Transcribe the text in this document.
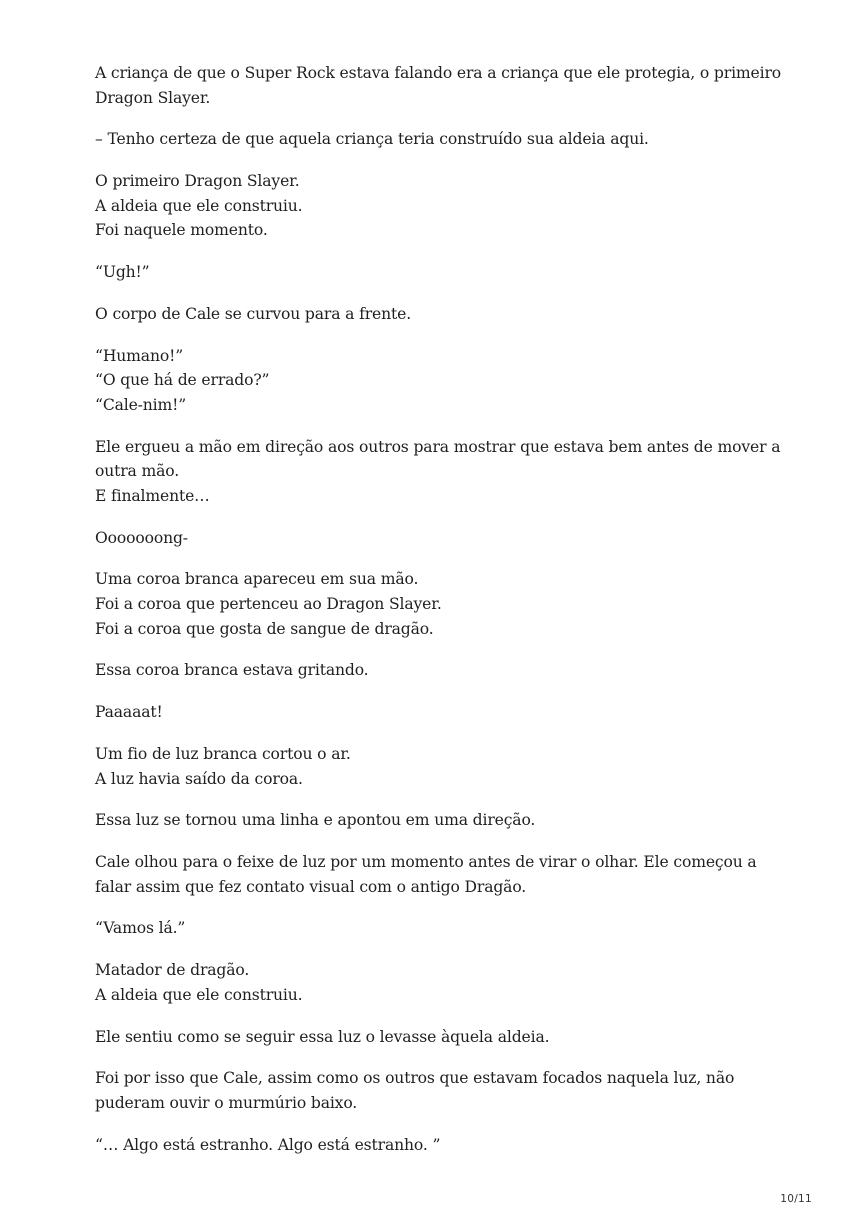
A criança de que o Super Rock estava falando era a criança que ele protegia, o primeiro
Dragon Slayer.
– Tenho certeza de que aquela criança teria construído sua aldeia aqui.
O primeiro Dragon Slayer.
A aldeia que ele construiu.
Foi naquele momento.
“Ugh!”
O corpo de Cale se curvou para a frente.
“Humano!”
“O que há de errado?”
“Cale-nim!”
Ele ergueu a mão em direção aos outros para mostrar que estava bem antes de mover a
outra mão.
E finalmente…
Ooooooong-
Uma coroa branca apareceu em sua mão.
Foi a coroa que pertenceu ao Dragon Slayer.
Foi a coroa que gosta de sangue de dragão.
Essa coroa branca estava gritando.
Paaaaat!
Um fio de luz branca cortou o ar.
A luz havia saído da coroa.
Essa luz se tornou uma linha e apontou em uma direção.
Cale olhou para o feixe de luz por um momento antes de virar o olhar. Ele começou a
falar assim que fez contato visual com o antigo Dragão.
“Vamos lá.”
Matador de dragão.
A aldeia que ele construiu.
Ele sentiu como se seguir essa luz o levasse àquela aldeia.
Foi por isso que Cale, assim como os outros que estavam focados naquela luz, não
puderam ouvir o murmúrio baixo.
“… Algo está estranho. Algo está estranho. ”
10/11
